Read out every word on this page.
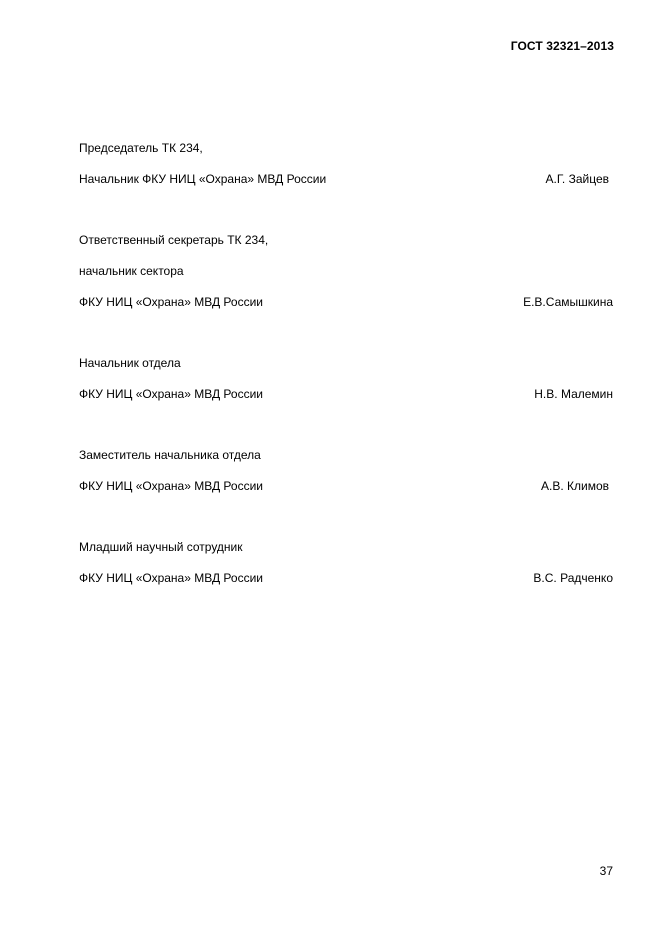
ГОСТ 32321–2013
Председатель ТК 234,
Начальник ФКУ НИЦ «Охрана» МВД России	А.Г. Зайцев
Ответственный секретарь ТК 234,
начальник сектора
ФКУ НИЦ «Охрана» МВД России	Е.В.Самышкина
Начальник отдела
ФКУ НИЦ «Охрана» МВД России	Н.В. Малемин
Заместитель начальника отдела
ФКУ НИЦ «Охрана» МВД России	А.В. Климов
Младший научный сотрудник
ФКУ НИЦ «Охрана» МВД России	В.С. Радченко
37
